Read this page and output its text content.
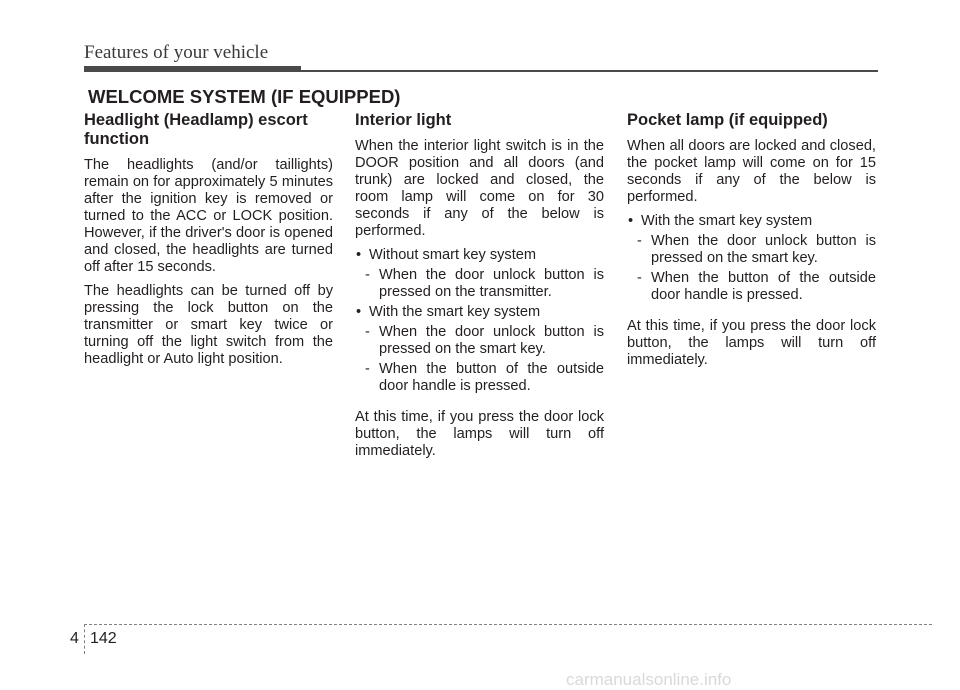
Features of your vehicle
WELCOME SYSTEM (IF EQUIPPED)
Headlight (Headlamp) escort function

The headlights (and/or taillights) remain on for approximately 5 minutes after the ignition key is removed or turned to the ACC or LOCK position. However, if the driver's door is opened and closed, the headlights are turned off after 15 seconds.

The headlights can be turned off by pressing the lock button on the transmitter or smart key twice or turning off the light switch from the headlight or Auto light position.

Interior light

When the interior light switch is in the DOOR position and all doors (and trunk) are locked and closed, the room lamp will come on for 30 seconds if any of the below is performed.

• Without smart key system
- When the door unlock button is pressed on the transmitter.
• With the smart key system
- When the door unlock button is pressed on the smart key.
- When the button of the outside door handle is pressed.

At this time, if you press the door lock button, the lamps will turn off immediately.

Pocket lamp (if equipped)

When all doors are locked and closed, the pocket lamp will come on for 15 seconds if any of the below is performed.

• With the smart key system
- When the door unlock button is pressed on the smart key.
- When the button of the outside door handle is pressed.

At this time, if you press the door lock button, the lamps will turn off immediately.

4 142
carmanualsonline.info
